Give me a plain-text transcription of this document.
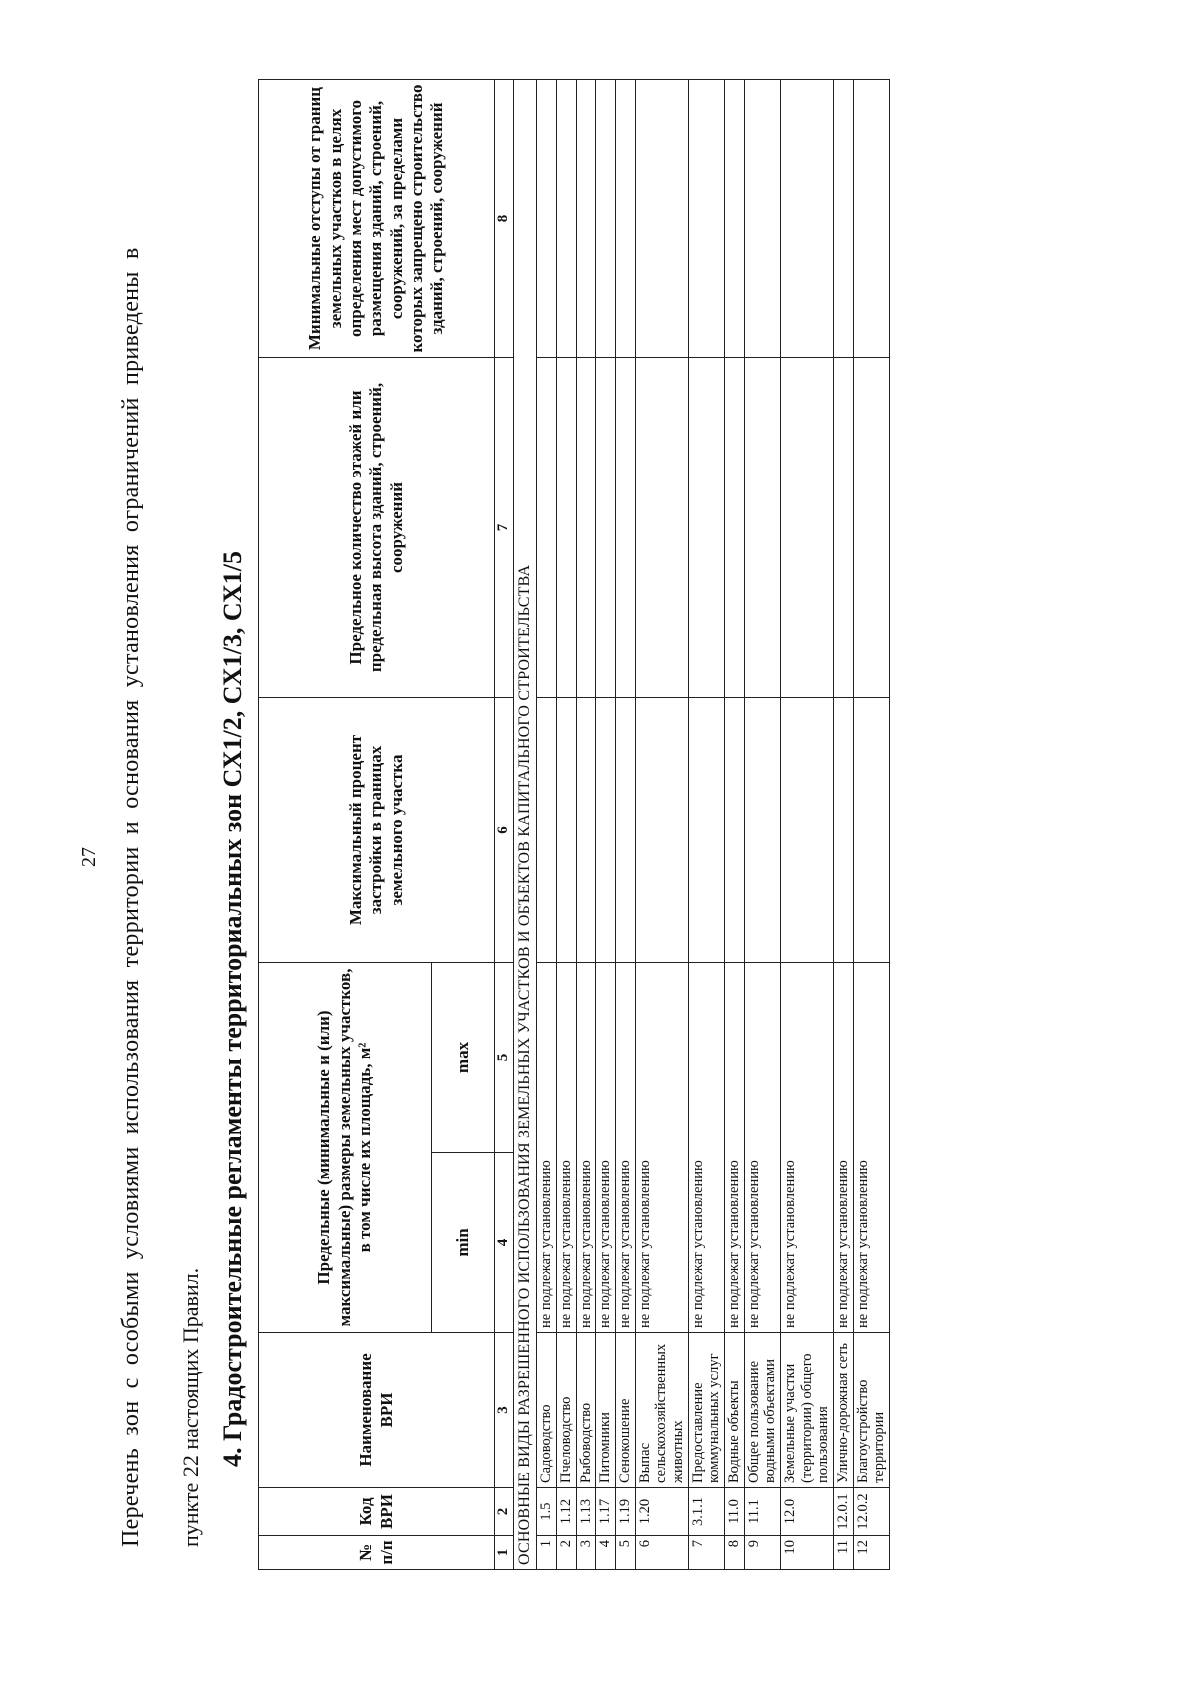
27 Перечень зон с особыми условиями использования территории и основания установления ограничений приведены в пункте 22 настоящих Правил. 4. Градостроительные регламенты территориальных зон СХ1/2, СХ1/3, СХ1/5
№ п/п	Код ВРИ	Наименование ВРИ	Предельные (минимальные и (или) максимальные) размеры земельных участков, в том числе их площадь, м²		Максимальный процент застройки в границах земельного участка	Предельное количество этажей или предельная высота зданий, строений, сооружений	Минимальные отступы от границ земельных участков в целях определения мест допустимого размещения зданий, строений, сооружений, за пределами которых запрещено строительство зданий, строений, сооружений
			min	max			
1	2	3	4	5	6	7	8
ОСНОВНЫЕ ВИДЫ РАЗРЕШЕННОГО ИСПОЛЬЗОВАНИЯ ЗЕМЕЛЬНЫХ УЧАСТКОВ И ОБЪЕКТОВ КАПИТАЛЬНОГО СТРОИТЕЛЬСТВА							
1	1.5	Садоводство	не подлежат установлению				
2	1.12	Пчеловодство	не подлежат установлению				
3	1.13	Рыбоводство	не подлежат установлению				
4	1.17	Питомники	не подлежат установлению				
5	1.19	Сенокошение	не подлежат установлению				
6	1.20	Выпас сельскохозяйственных животных	не подлежат установлению				
7	3.1.1	Предоставление коммунальных услуг	не подлежат установлению				
8	11.0	Водные объекты	не подлежат установлению				
9	11.1	Общее пользование водными объектами	не подлежат установлению				
10	12.0	Земельные участки (территории) общего пользования	не подлежат установлению				
11	12.0.1	Улично-дорожная сеть	не подлежат установлению				
12	12.0.2	Благоустройство территории	не подлежат установлению				
